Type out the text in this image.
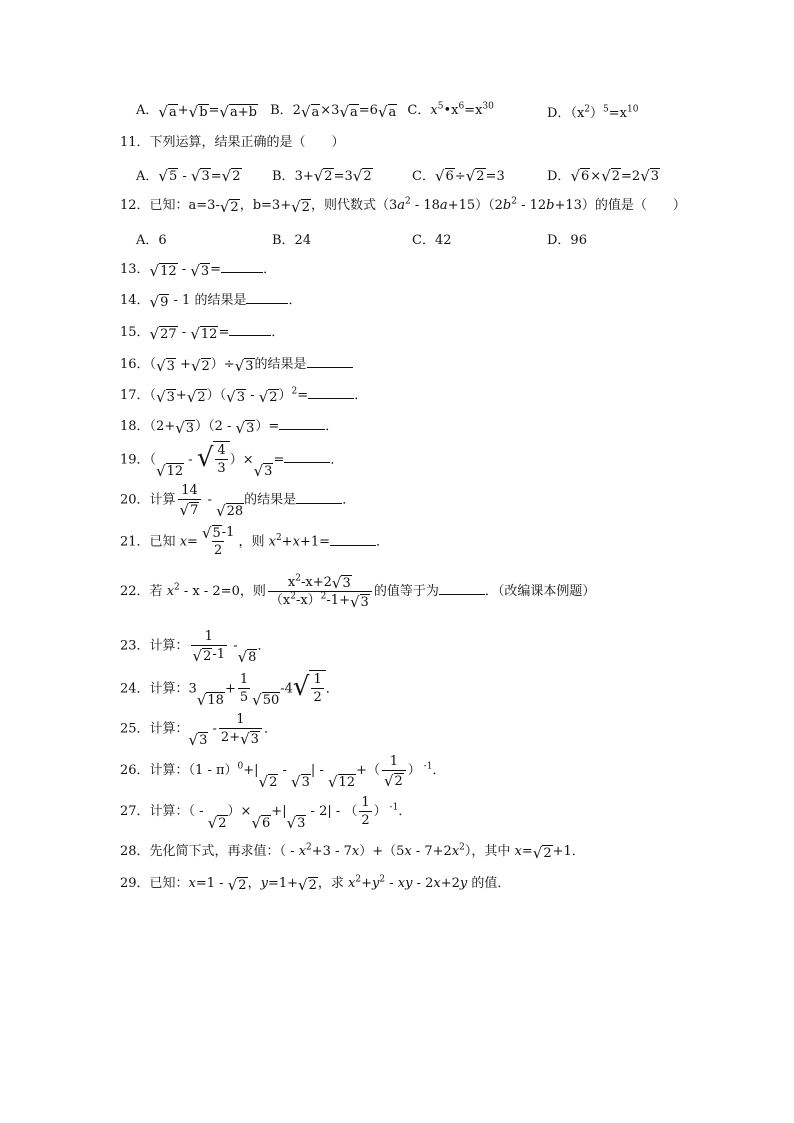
A． √ a + √ b = √ a+b B．2 √ a ×3 √ a =6 √ a C．$x^5•x^6=x^{30}$	D．$(x^2)^5=x^{10}$
11．下列运算，结果正确的是（　　）
A． √ 5 - √ 3 = √ 2 B．3+ √ 2 =3 √ 2	C． √ 6 ÷ √ 2 =3	D． √ 6 × √ 2 =2 √ 3
12．已知：a=3- √ 2 ，b=3+ √ 2 ，则代数式$(3a^2 - 18a+15)(2b^2 - 12b+13)$的值是（　　）
A．6	B．24	C．42	D．96
13． √ 12 - √ 3 =	．
14． √ 9 - 1 的结果是	．
15． √ 27 - √ 12 =	．
16．（ √ 3 + √ 2 ）÷ √ 3 的结果是
17．（ √ 3 + √ 2 ）（ √ 3 - √ 2 ）$^2$=	．
18．（2+ √ 3 ）（2 - √ 3 ）=	．
19．（
√ 12
- √ $\frac{4}{3}$ ）×
√ 3
=	．
20．计算 $\frac{14}{√ 7}$ -
√ 28
的结果是	．
21．已知 $x= \frac{√ 5 -1}{2}$ ，则 $x^2+x+1=$	．
22．若 $x^2 - x - 2=0$，则 $\frac{x^2-x+2 √ 3}{(x^2-x)^2-1+ √ 3}$ 的值等于为	．（改编课本例题）
23．计算： $\frac{1}{√ 2 -1}$ -
√ 8
．
24．计算：3
√ 18
+ $\frac{1}{5}$ √ 50
-4 √ $\frac{1}{2}$ ．
25．计算：
√ 3
- $\frac{1}{2+ √ 3}$ ．
26．计算：（1 - π）$^0$+|
√ 2
-
√ 3
| -
√ 12
+（ $\frac{1}{√ 2}$ ） $^{-1}$．
27．计算：（ -
√ 2
）×
√ 6
+|
√ 3
- 2| - （ $\frac{1}{2}$ ） $^{-1}$．
28．先化简下式，再求值：（ - $x^2+3 - 7x)+(5x - 7+2x^2)$，其中 x= √ 2 +1．
29．已知：x=1 - √ 2 ，y=1+ √ 2 ，求 $x^2+y^2$ - xy - 2x+2y 的值．
